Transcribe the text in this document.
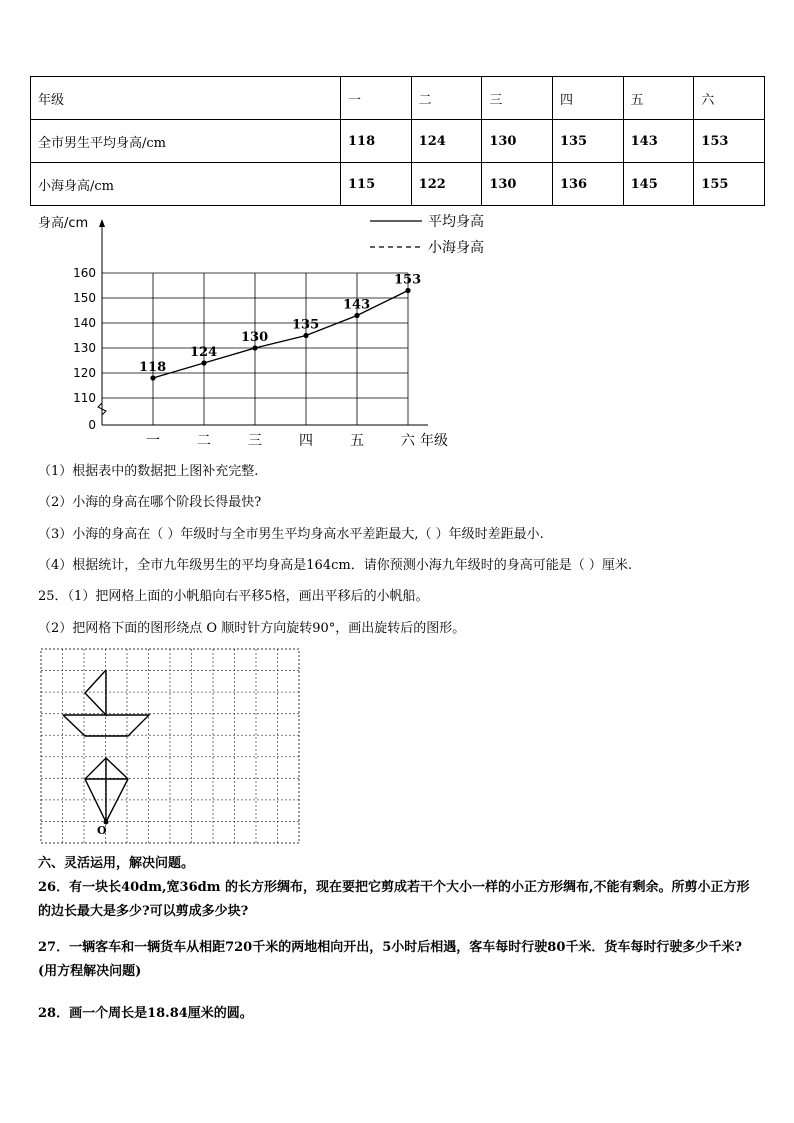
年级	一	二	三	四	五	六
全市男生平均身高/cm	118	124	130	135	143	153
小海身高/cm	115	122	130	136	145	155
身高/cm
160
150
140
130
120
110
0
一	二	三	四	五	六 年级
平均身高
小海身高
118
124
130
135
143
153
（1）根据表中的数据把上图补充完整.
（2）小海的身高在哪个阶段长得最快?
（3）小海的身高在（ ）年级时与全市男生平均身高水平差距最大,（ ）年级时差距最小.
（4）根据统计，全市九年级男生的平均身高是164cm．请你预测小海九年级时的身高可能是（ ）厘米.
25．（1）把网格上面的小帆船向右平移5格，画出平移后的小帆船。
（2）把网格下面的图形绕点 O 顺时针方向旋转90°，画出旋转后的图形。
O
六、灵活运用，解决问题。
26．有一块长40dm,宽36dm 的长方形绸布，现在要把它剪成若干个大小一样的小正方形绸布,不能有剩余。所剪小正方形的边长最大是多少?可以剪成多少块?
27．一辆客车和一辆货车从相距720千米的两地相向开出，5小时后相遇，客车每时行驶80千米．货车每时行驶多少千米?(用方程解决问题)
28．画一个周长是18.84厘米的圆。
